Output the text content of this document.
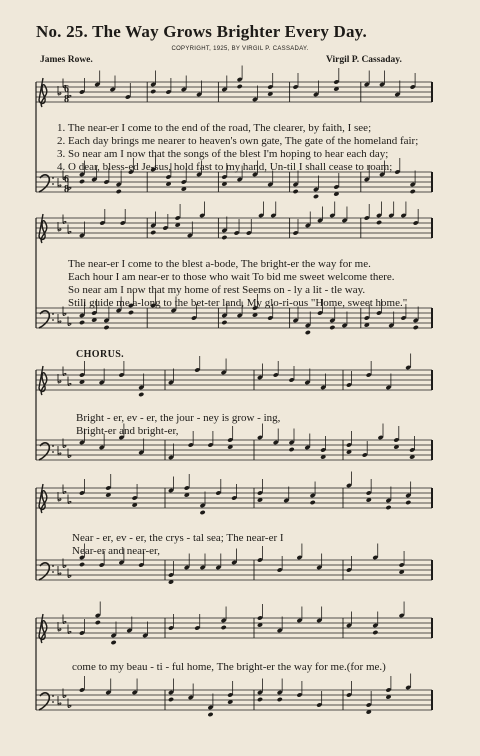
No. 25. The Way Grows Brighter Every Day.
COPYRIGHT, 1925, BY VIRGIL P. CASSADAY.
James Rowe.	Virgil P. Cassaday.
6
8
6
8
1. The near-er I come to the end of the road, The clearer, by faith, I see;
2. Each day brings me nearer to heaven's own gate, The gate of the homeland fair;
3. So near am I now that the songs of the blest I'm hoping to hear each day;
4. O dear, bless-ed Je-sus, hold fast to my hand, Un-til I shall cease to roam;
The near-er I come to the blest a-bode, The bright-er the way for me.
Each hour I am near-er to those who wait To bid me sweet welcome there.
So near am I now that my home of rest Seems on - ly a lit - tle way.
Still guide me a-long to the bet-ter land, My glo-ri-ous "Home, sweet home."
CHORUS.
Bright - er, ev - er, the jour - ney is grow - ing,
Bright-er and bright-er,
Near - er, ev - er, the crys - tal sea; The near-er I
Near-er and near-er,
come to my beau - ti - ful home, The bright-er the way for me.(for me.)
